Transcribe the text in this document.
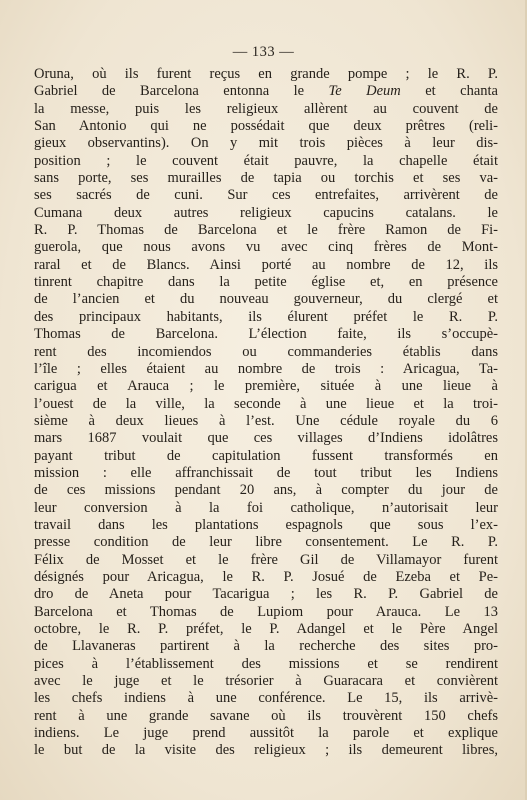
— 133 —
Oruna, où ils furent reçus en grande pompe ; le R. P.
Gabriel de Barcelona entonna le Te Deum et chanta
la messe, puis les religieux allèrent au couvent de
San Antonio qui ne possédait que deux prêtres (reli-
gieux observantins). On y mit trois pièces à leur dis-
position ; le couvent était pauvre, la chapelle était
sans porte, ses murailles de tapia ou torchis et ses va-
ses sacrés de cuni. Sur ces entrefaites, arrivèrent de
Cumana deux autres religieux capucins catalans. le
R. P. Thomas de Barcelona et le frère Ramon de Fi-
guerola, que nous avons vu avec cinq frères de Mont-
raral et de Blancs. Ainsi porté au nombre de 12, ils
tinrent chapitre dans la petite église et, en présence
de l’ancien et du nouveau gouverneur, du clergé et
des principaux habitants, ils élurent préfet le R. P.
Thomas de Barcelona. L’élection faite, ils s’occupè-
rent des incomiendos ou commanderies établis dans
l’île ; elles étaient au nombre de trois : Aricagua, Ta-
carigua et Arauca ; le première, située à une lieue à
l’ouest de la ville, la seconde à une lieue et la troi-
sième à deux lieues à l’est. Une cédule royale du 6
mars 1687 voulait que ces villages d’Indiens idolâtres
payant tribut de capitulation fussent transformés en
mission : elle affranchissait de tout tribut les Indiens
de ces missions pendant 20 ans, à compter du jour de
leur conversion à la foi catholique, n’autorisait leur
travail dans les plantations espagnols que sous l’ex-
presse condition de leur libre consentement. Le R. P.
Félix de Mosset et le frère Gil de Villamayor furent
désignés pour Aricagua, le R. P. Josué de Ezeba et Pe-
dro de Aneta pour Tacarigua ; les R. P. Gabriel de
Barcelona et Thomas de Lupiom pour Arauca. Le 13
octobre, le R. P. préfet, le P. Adangel et le Père Angel
de Llavaneras partirent à la recherche des sites pro-
pices à l’établissement des missions et se rendirent
avec le juge et le trésorier à Guaracara et convièrent
les chefs indiens à une conférence. Le 15, ils arrivè-
rent à une grande savane où ils trouvèrent 150 chefs
indiens. Le juge prend aussitôt la parole et explique
le but de la visite des religieux ; ils demeurent libres,
